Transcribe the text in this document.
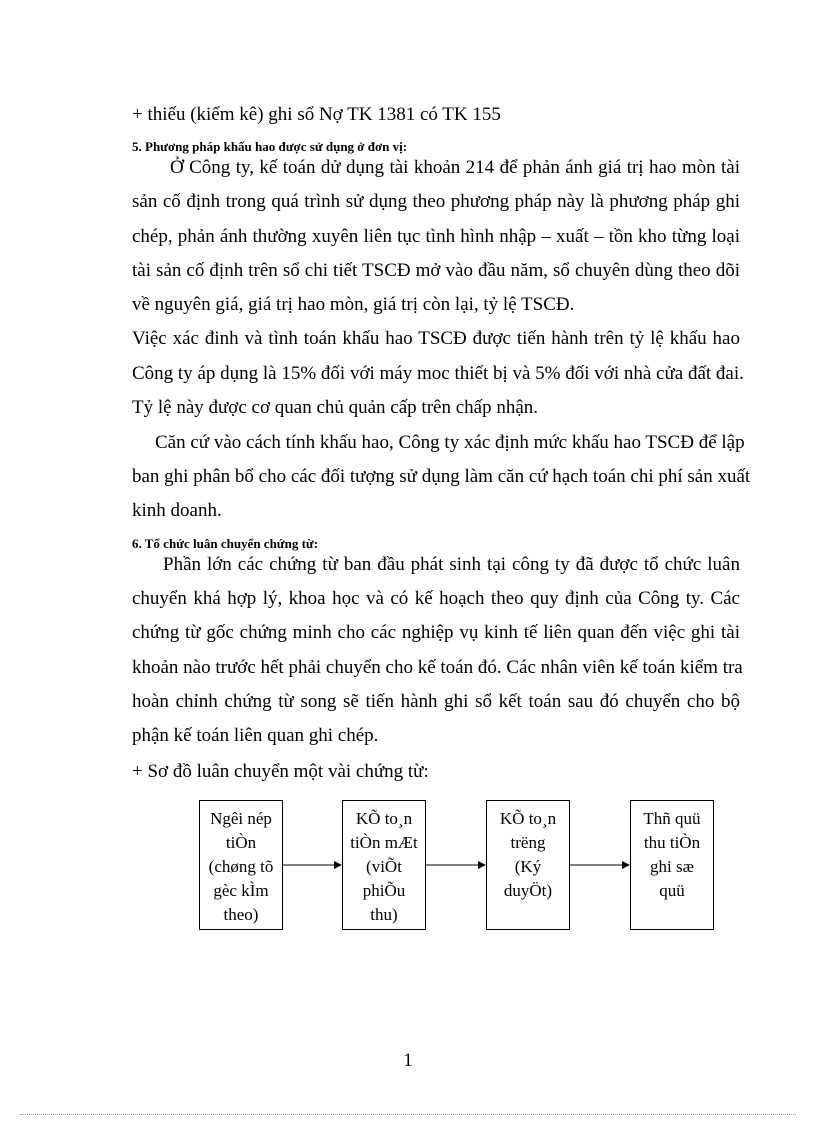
+ thiếu (kiểm kê) ghi sổ Nợ TK 1381 có TK 155
5. Phương pháp khấu hao được sử dụng ở đơn vị:
Ở Công ty, kế toán dử dụng tài khoản 214 để phản ánh giá trị hao mòn tài
sản cố định trong quá trình sử dụng theo phương pháp này là phương pháp ghi
chép, phản ánh thường xuyên liên tục tình hình nhập – xuất – tồn kho từng loại
tài sản cố định trên sổ chi tiết TSCĐ mở vào đầu năm, sổ chuyên dùng theo dõi
về nguyên giá, giá trị hao mòn, giá trị còn lại, tỷ lệ TSCĐ.
Việc xác đinh và tình toán khấu hao TSCĐ được tiến hành trên tỷ lệ khấu hao
Công ty áp dụng là 15% đối với máy moc thiết bị và 5% đối với nhà cửa đất đai.
Tỷ lệ này được cơ quan chủ quản cấp trên chấp nhận.
Căn cứ vào cách tính khấu hao, Công ty xác định mức khấu hao TSCĐ để lập
ban ghi phân bổ cho các đối tượng sử dụng làm căn cứ hạch toán chi phí sản xuất
kinh doanh.
6. Tổ chức luân chuyển chứng từ:
Phần lớn các chứng từ ban đầu phát sinh tại công ty đã được tổ chức luân
chuyển khá hợp lý, khoa học và có kế hoạch theo quy định của Công ty. Các
chứng từ gốc chứng minh cho các nghiệp vụ kinh tế liên quan đến việc ghi tài
khoản nào trước hết phải chuyển cho kế toán đó. Các nhân viên kế toán kiểm tra
hoàn chỉnh chứng từ song sẽ tiến hành ghi sổ kết toán sau đó chuyển cho bộ
phận kế toán liên quan ghi chép.
+ Sơ đồ luân chuyển một vài chứng từ:
Ngêi nép
tiÒn
(chøng tõ
gèc kÌm
theo)
KÕ to¸n
tiÒn mÆt
(viÕt
phiÕu
thu)
KÕ to¸n
trëng
(Ký
duyÖt)
Thñ quü
thu tiÒn
ghi sæ
quü
1
